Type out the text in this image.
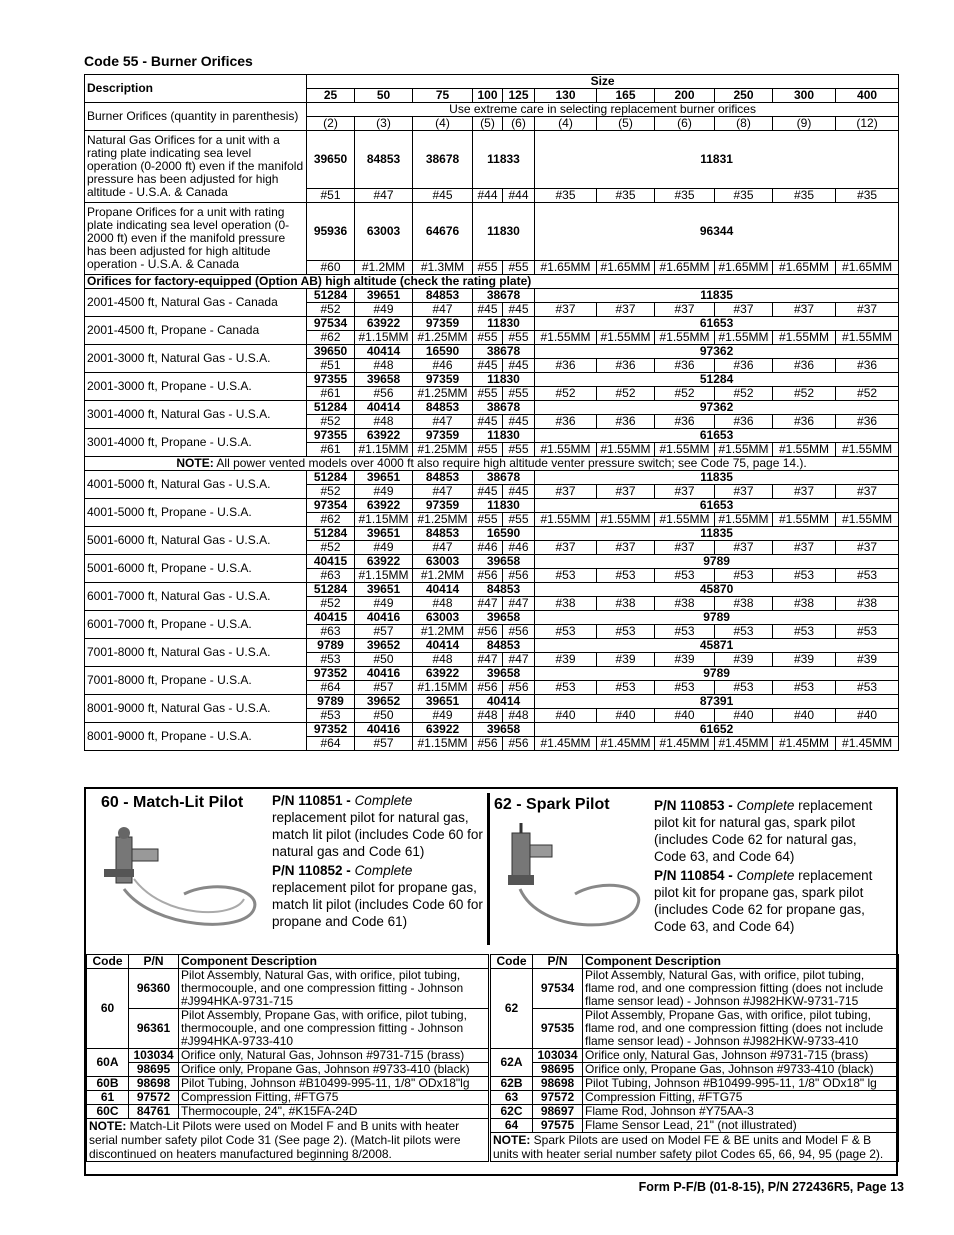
Code 55 - Burner Orifices
Description	Size										
	25	50	75	100	125	130	165	200	250	300	400
Burner Orifices (quantity in parenthesis)	Use extreme care in selecting replacement burner orifices										
	(2)	(3)	(4)	(5)	(6)	(4)	(5)	(6)	(8)	(9)	(12)
Natural Gas Orifices for a unit with a rating plate indicating sea level operation (0-2000 ft) even if the manifold pressure has been adjusted for high altitude - U.S.A. & Canada	39650	84853	38678	11833		11831					
	#51	#47	#45	#44	#44	#35	#35	#35	#35	#35	#35
Propane Orifices for a unit with rating plate indicating sea level operation (0-2000 ft) even if the manifold pressure has been adjusted for high altitude operation - U.S.A. & Canada	95936	63003	64676	11830		96344					
	#60	#1.2MM	#1.3MM	#55	#55	#1.65MM	#1.65MM	#1.65MM	#1.65MM	#1.65MM	#1.65MM
Orifices for factory-equipped (Option AB) high altitude (check the rating plate)											
2001-4500 ft, Natural Gas - Canada	51284	39651	84853	38678		11835					
	#52	#49	#47	#45	#45	#37	#37	#37	#37	#37	#37
2001-4500 ft, Propane - Canada	97534	63922	97359	11830		61653					
	#62	#1.15MM	#1.25MM	#55	#55	#1.55MM	#1.55MM	#1.55MM	#1.55MM	#1.55MM	#1.55MM
2001-3000 ft, Natural Gas - U.S.A.	39650	40414	16590	38678		97362					
	#51	#48	#46	#45	#45	#36	#36	#36	#36	#36	#36
2001-3000 ft, Propane - U.S.A.	97355	39658	97359	11830		51284					
	#61	#56	#1.25MM	#55	#55	#52	#52	#52	#52	#52	#52
3001-4000 ft, Natural Gas - U.S.A.	51284	40414	84853	38678		97362					
	#52	#48	#47	#45	#45	#36	#36	#36	#36	#36	#36
3001-4000 ft, Propane - U.S.A.	97355	63922	97359	11830		61653					
	#61	#1.15MM	#1.25MM	#55	#55	#1.55MM	#1.55MM	#1.55MM	#1.55MM	#1.55MM	#1.55MM
NOTE: All power vented models over 4000 ft also require high altitude venter pressure switch; see Code 75, page 14.).											
4001-5000 ft, Natural Gas - U.S.A.	51284	39651	84853	38678		11835					
	#52	#49	#47	#45	#45	#37	#37	#37	#37	#37	#37
4001-5000 ft, Propane - U.S.A.	97354	63922	97359	11830		61653					
	#62	#1.15MM	#1.25MM	#55	#55	#1.55MM	#1.55MM	#1.55MM	#1.55MM	#1.55MM	#1.55MM
5001-6000 ft, Natural Gas - U.S.A.	51284	39651	84853	16590		11835					
	#52	#49	#47	#46	#46	#37	#37	#37	#37	#37	#37
5001-6000 ft, Propane - U.S.A.	40415	63922	63003	39658		9789					
	#63	#1.15MM	#1.2MM	#56	#56	#53	#53	#53	#53	#53	#53
6001-7000 ft, Natural Gas - U.S.A.	51284	39651	40414	84853		45870					
	#52	#49	#48	#47	#47	#38	#38	#38	#38	#38	#38
6001-7000 ft, Propane - U.S.A.	40415	40416	63003	39658		9789					
	#63	#57	#1.2MM	#56	#56	#53	#53	#53	#53	#53	#53
7001-8000 ft, Natural Gas - U.S.A.	9789	39652	40414	84853		45871					
	#53	#50	#48	#47	#47	#39	#39	#39	#39	#39	#39
7001-8000 ft, Propane - U.S.A.	97352	40416	63922	39658		9789					
	#64	#57	#1.15MM	#56	#56	#53	#53	#53	#53	#53	#53
8001-9000 ft, Natural Gas - U.S.A.	9789	39652	39651	40414		87391					
	#53	#50	#49	#48	#48	#40	#40	#40	#40	#40	#40
8001-9000 ft, Propane - U.S.A.	97352	40416	63922	39658		61652					
	#64	#57	#1.15MM	#56	#56	#1.45MM	#1.45MM	#1.45MM	#1.45MM	#1.45MM	#1.45MM
60 - Match-Lit Pilot P/N 110851 - Complete replacement pilot for natural gas, match lit pilot (includes Code 60 for natural gas and Code 61)

P/N 110852 - Complete replacement pilot for propane gas, match lit pilot (includes Code 60 for propane and Code 61)

62 - Spark Pilot	P/N 110853 - Complete replacement pilot kit for natural gas, spark pilot (includes Code 62 for natural gas, Code 63, and Code 64)

P/N 110854 - Complete replacement pilot kit for propane gas, spark pilot (includes Code 62 for propane gas, Code 63, and Code 64)

Code	P/N	Component Description
60	96360	Pilot Assembly, Natural Gas, with orifice, pilot tubing, thermocouple, and one compression fitting - Johnson #J994HKA-9731-715
	96361	Pilot Assembly, Propane Gas, with orifice, pilot tubing, thermocouple, and one compression fitting - Johnson #J994HKA-9733-410
60A	103034	Orifice only, Natural Gas, Johnson #9731-715 (brass)
	98695	Orifice only, Propane Gas, Johnson #9733-410 (black)
60B	98698	Pilot Tubing, Johnson #B10499-995-11, 1/8" ODx18"lg
61	97572	Compression Fitting, #FTG75
60C	84761	Thermocouple, 24", #K15FA-24D
NOTE: Match-Lit Pilots were used on Model F and B units with heater serial number safety pilot Code 31 (See page 2). (Match-lit pilots were discontinued on heaters manufactured beginning 8/2008.		
Code	P/N	Component Description
62	97534	Pilot Assembly, Natural Gas, with orifice, pilot tubing, flame rod, and one compression fitting (does not include flame sensor lead) - Johnson #J982HKW-9731-715
	97535	Pilot Assembly, Propane Gas, with orifice, pilot tubing, flame rod, and one compression fitting (does not include flame sensor lead) - Johnson #J982HKW-9733-410
62A	103034	Orifice only, Natural Gas, Johnson #9731-715 (brass)
	98695	Orifice only, Propane Gas, Johnson #9733-410 (black)
62B	98698	Pilot Tubing, Johnson #B10499-995-11, 1/8" ODx18" lg
63	97572	Compression Fitting, #FTG75
62C	98697	Flame Rod, Johnson #Y75AA-3
64	97575	Flame Sensor Lead, 21" (not illustrated)
NOTE: Spark Pilots are used on Model FE & BE units and Model F & B units with heater serial number safety pilot Codes 65, 66, 94, 95 (page 2).		
Form P-F/B (01-8-15), P/N 272436R5, Page 13
